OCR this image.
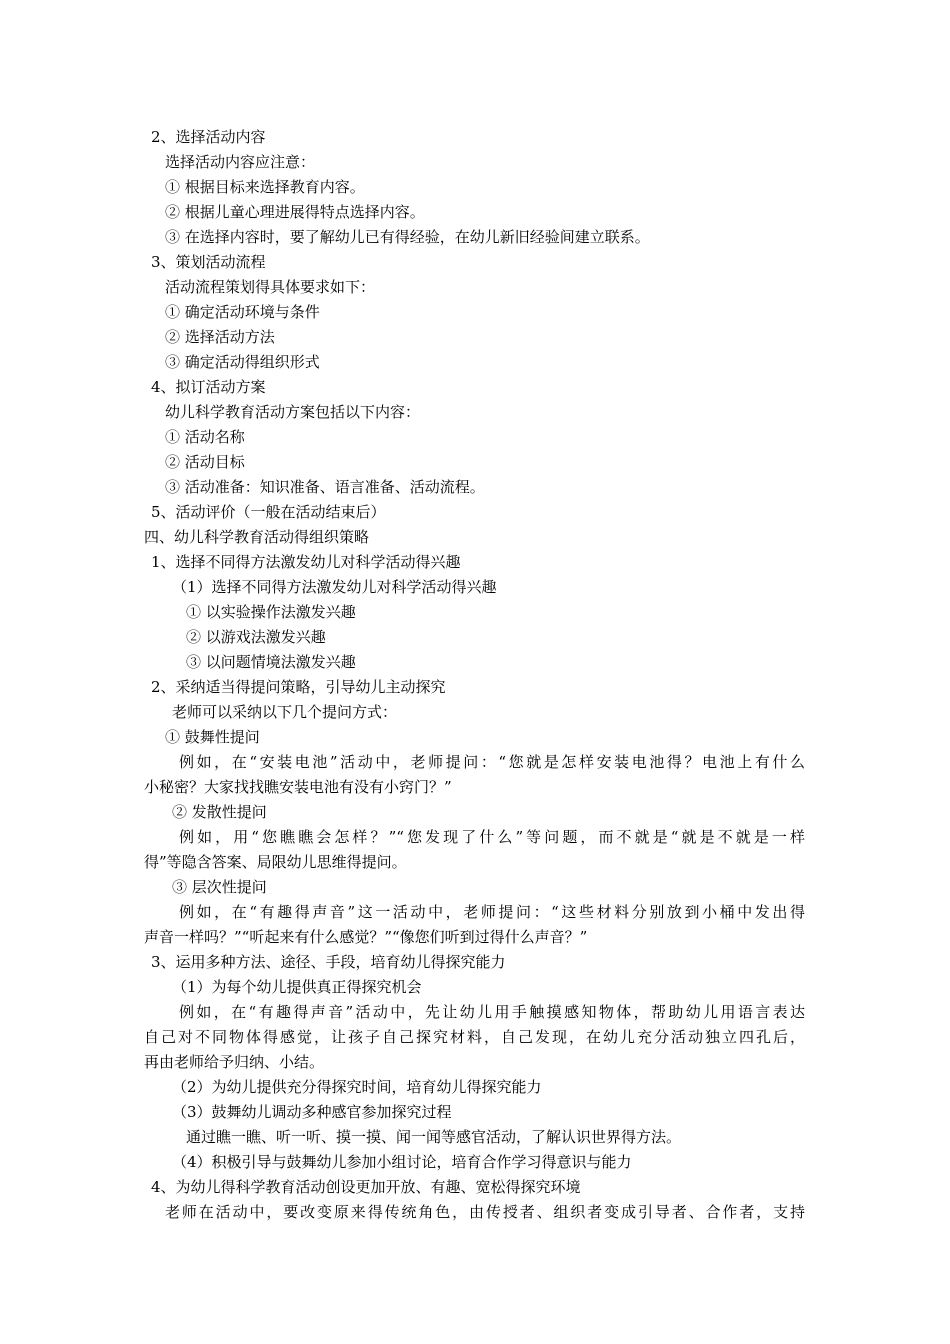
2、选择活动内容
选择活动内容应注意：
① 根据目标来选择教育内容。
② 根据儿童心理进展得特点选择内容。
③ 在选择内容时，要了解幼儿已有得经验，在幼儿新旧经验间建立联系。
3、策划活动流程
活动流程策划得具体要求如下：
① 确定活动环境与条件
② 选择活动方法
③ 确定活动得组织形式
4、拟订活动方案
幼儿科学教育活动方案包括以下内容：
① 活动名称
② 活动目标
③ 活动准备：知识准备、语言准备、活动流程。
5、活动评价（一般在活动结束后）
四、幼儿科学教育活动得组织策略
1、选择不同得方法激发幼儿对科学活动得兴趣
（1）选择不同得方法激发幼儿对科学活动得兴趣
① 以实验操作法激发兴趣
② 以游戏法激发兴趣
③ 以问题情境法激发兴趣
2、采纳适当得提问策略，引导幼儿主动探究
老师可以采纳以下几个提问方式：
① 鼓舞性提问
例如，在“安装电池”活动中，老师提问：“您就是怎样安装电池得？电池上有什么
小秘密？大家找找瞧安装电池有没有小窍门？”
② 发散性提问
例如，用“您瞧瞧会怎样？”“您发现了什么”等问题，而不就是“就是不就是一样
得”等隐含答案、局限幼儿思维得提问。
③ 层次性提问
例如，在“有趣得声音”这一活动中，老师提问：“这些材料分别放到小桶中发出得
声音一样吗？”“听起来有什么感觉？”“像您们听到过得什么声音？”
3、运用多种方法、途径、手段，培育幼儿得探究能力
（1）为每个幼儿提供真正得探究机会
例如，在“有趣得声音”活动中，先让幼儿用手触摸感知物体，帮助幼儿用语言表达
自己对不同物体得感觉，让孩子自己探究材料，自己发现，在幼儿充分活动独立四孔后，
再由老师给予归纳、小结。
（2）为幼儿提供充分得探究时间，培育幼儿得探究能力
（3）鼓舞幼儿调动多种感官参加探究过程
通过瞧一瞧、听一听、摸一摸、闻一闻等感官活动，了解认识世界得方法。
（4）积极引导与鼓舞幼儿参加小组讨论，培育合作学习得意识与能力
4、为幼儿得科学教育活动创设更加开放、有趣、宽松得探究环境
老师在活动中，要改变原来得传统角色，由传授者、组织者变成引导者、合作者，支持
